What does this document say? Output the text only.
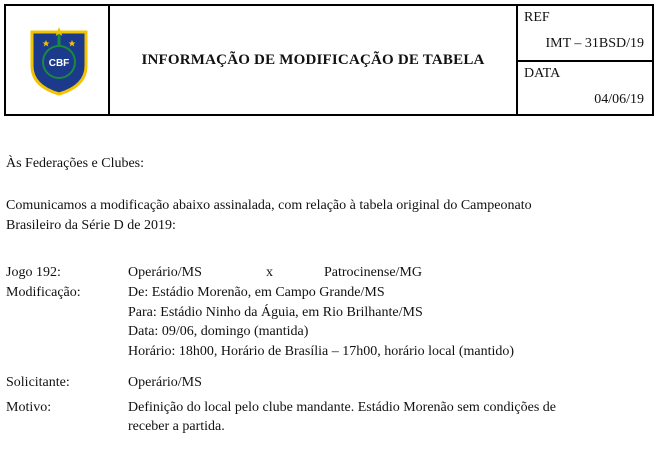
CBF	INFORMAÇÃO DE MODIFICAÇÃO DE TABELA
REF
IMT – 31BSD/19
DATA
04/06/19

Às Federações e Clubes:

Comunicamos a modificação abaixo assinalada, com relação à tabela original do Campeonato

Brasileiro da Série D de 2019:

Jogo 192:	Operário/MS	x	Patrocinense/MG
Modificação:	De: Estádio Morenão, em Campo Grande/MS
Para: Estádio Ninho da Águia, em Rio Brilhante/MS
Data: 09/06, domingo (mantida)
Horário: 18h00, Horário de Brasília – 17h00, horário local (mantido)
Solicitante:	Operário/MS
Motivo:	Definição do local pelo clube mandante. Estádio Morenão sem condições de
receber a partida.
